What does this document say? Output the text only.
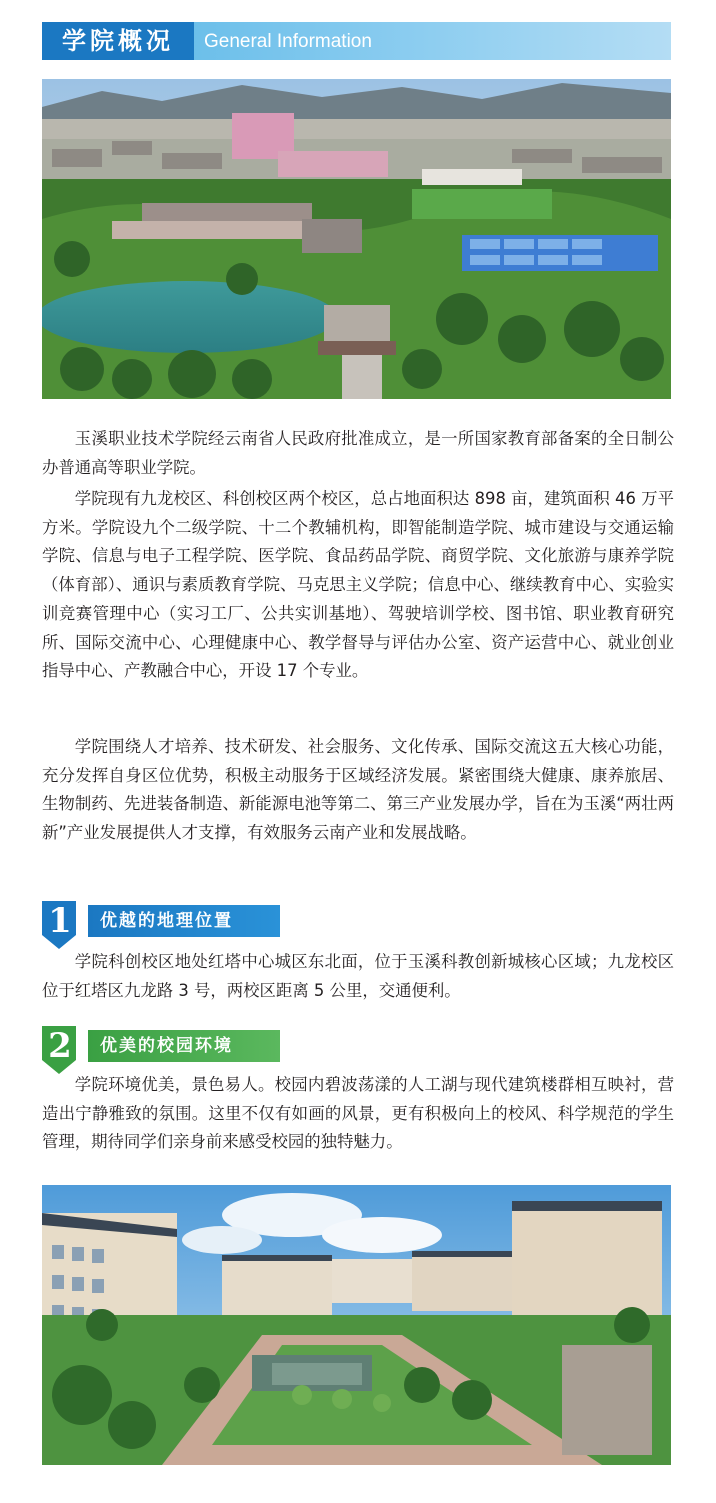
学院概况	General Information

玉溪职业技术学院经云南省人民政府批准成立，是一所国家教育部备案的全日制公办普通高等职业学院。

学院现有九龙校区、科创校区两个校区，总占地面积达 898 亩，建筑面积 46 万平方米。学院设九个二级学院、十二个教辅机构，即智能制造学院、城市建设与交通运输学院、信息与电子工程学院、医学院、食品药品学院、商贸学院、文化旅游与康养学院（体育部）、通识与素质教育学院、马克思主义学院；信息中心、继续教育中心、实验实训竞赛管理中心（实习工厂、公共实训基地）、驾驶培训学校、图书馆、职业教育研究所、国际交流中心、心理健康中心、教学督导与评估办公室、资产运营中心、就业创业指导中心、产教融合中心，开设 17 个专业。

学院围绕人才培养、技术研发、社会服务、文化传承、国际交流这五大核心功能，充分发挥自身区位优势，积极主动服务于区域经济发展。紧密围绕大健康、康养旅居、生物制药、先进装备制造、新能源电池等第二、第三产业发展办学，旨在为玉溪“两壮两新”产业发展提供人才支撑，有效服务云南产业和发展战略。

1	优越的地理位置

学院科创校区地处红塔中心城区东北面，位于玉溪科教创新城核心区域；九龙校区位于红塔区九龙路 3 号，两校区距离 5 公里，交通便利。

2	优美的校园环境

学院环境优美，景色易人。校园内碧波荡漾的人工湖与现代建筑楼群相互映衬，营造出宁静雅致的氛围。这里不仅有如画的风景，更有积极向上的校风、科学规范的学生管理，期待同学们亲身前来感受校园的独特魅力。
